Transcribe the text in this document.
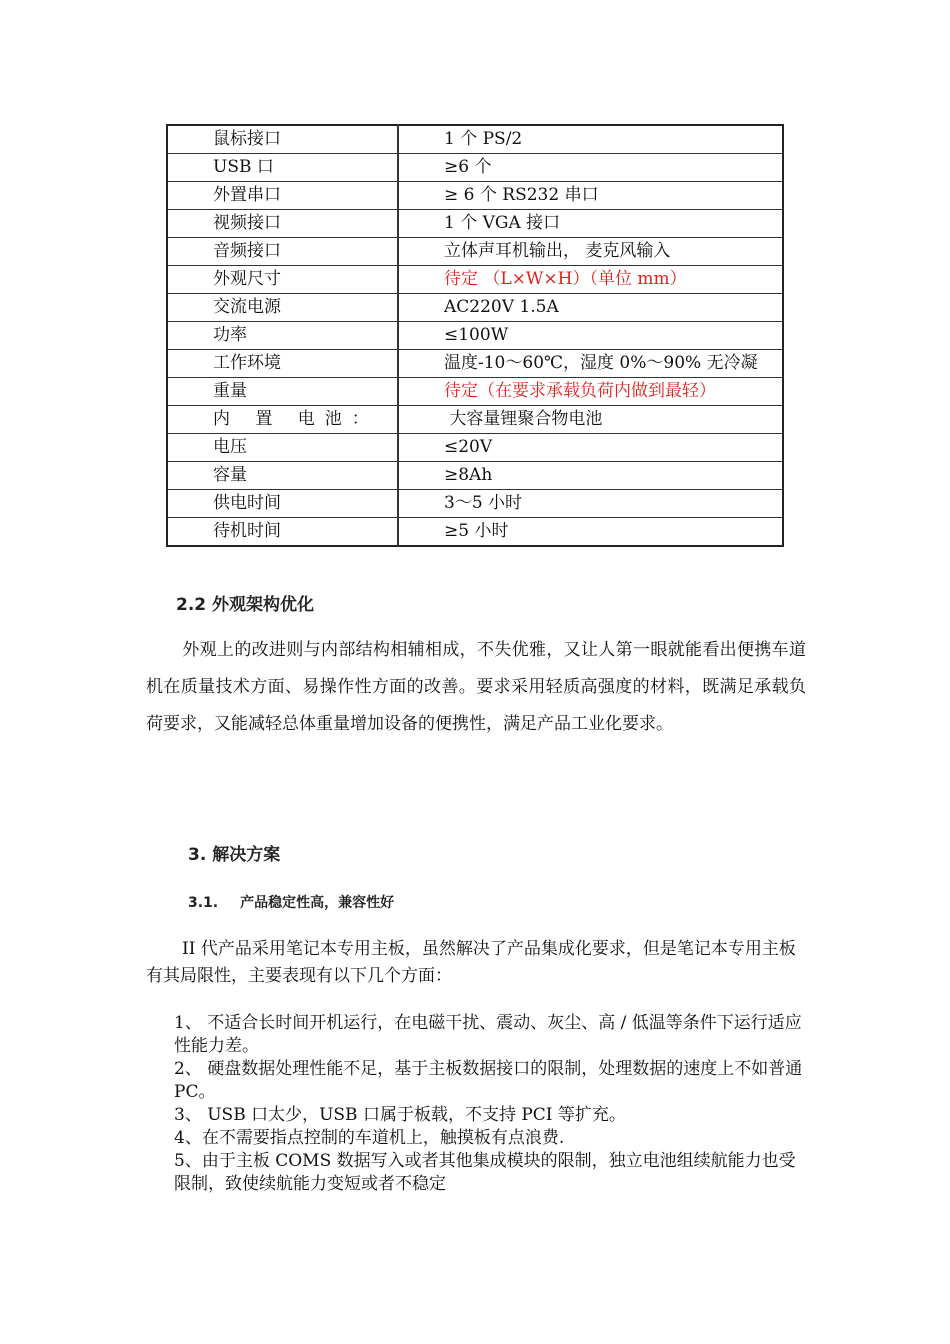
鼠标接口	1 个 PS/2
USB 口	≥6 个
外置串口	≥ 6 个 RS232 串口
视频接口	1 个 VGA 接口
音频接口	立体声耳机输出， 麦克风输入
外观尺寸	待定 （L×W×H）（单位 mm）
交流电源	AC220V 1.5A
功率	≤100W
工作环境	温度-10～60℃，湿度 0%～90% 无冷凝
重量	待定（在要求承载负荷内做到最轻）
内 置 电池：	大容量锂聚合物电池
电压	≤20V
容量	≥8Ah
供电时间	3～5 小时
待机时间	≥5 小时
2.2 外观架构优化
外观上的改进则与内部结构相辅相成，不失优雅，又让人第一眼就能看出便携车道机在质量技术方面、易操作性方面的改善。要求采用轻质高强度的材料，既满足承载负荷要求，又能减轻总体重量增加设备的便携性，满足产品工业化要求。
3. 解决方案
3.1. 产品稳定性高，兼容性好
II 代产品采用笔记本专用主板，虽然解决了产品集成化要求，但是笔记本专用主板有其局限性，主要表现有以下几个方面：
1、 不适合长时间开机运行，在电磁干扰、震动、灰尘、高 / 低温等条件下运行适应性能力差。
2、 硬盘数据处理性能不足，基于主板数据接口的限制，处理数据的速度上不如普通 PC。
3、 USB 口太少，USB 口属于板载，不支持 PCI 等扩充。
4、在不需要指点控制的车道机上，触摸板有点浪费.
5、由于主板 COMS 数据写入或者其他集成模块的限制，独立电池组续航能力也受限制，致使续航能力变短或者不稳定
